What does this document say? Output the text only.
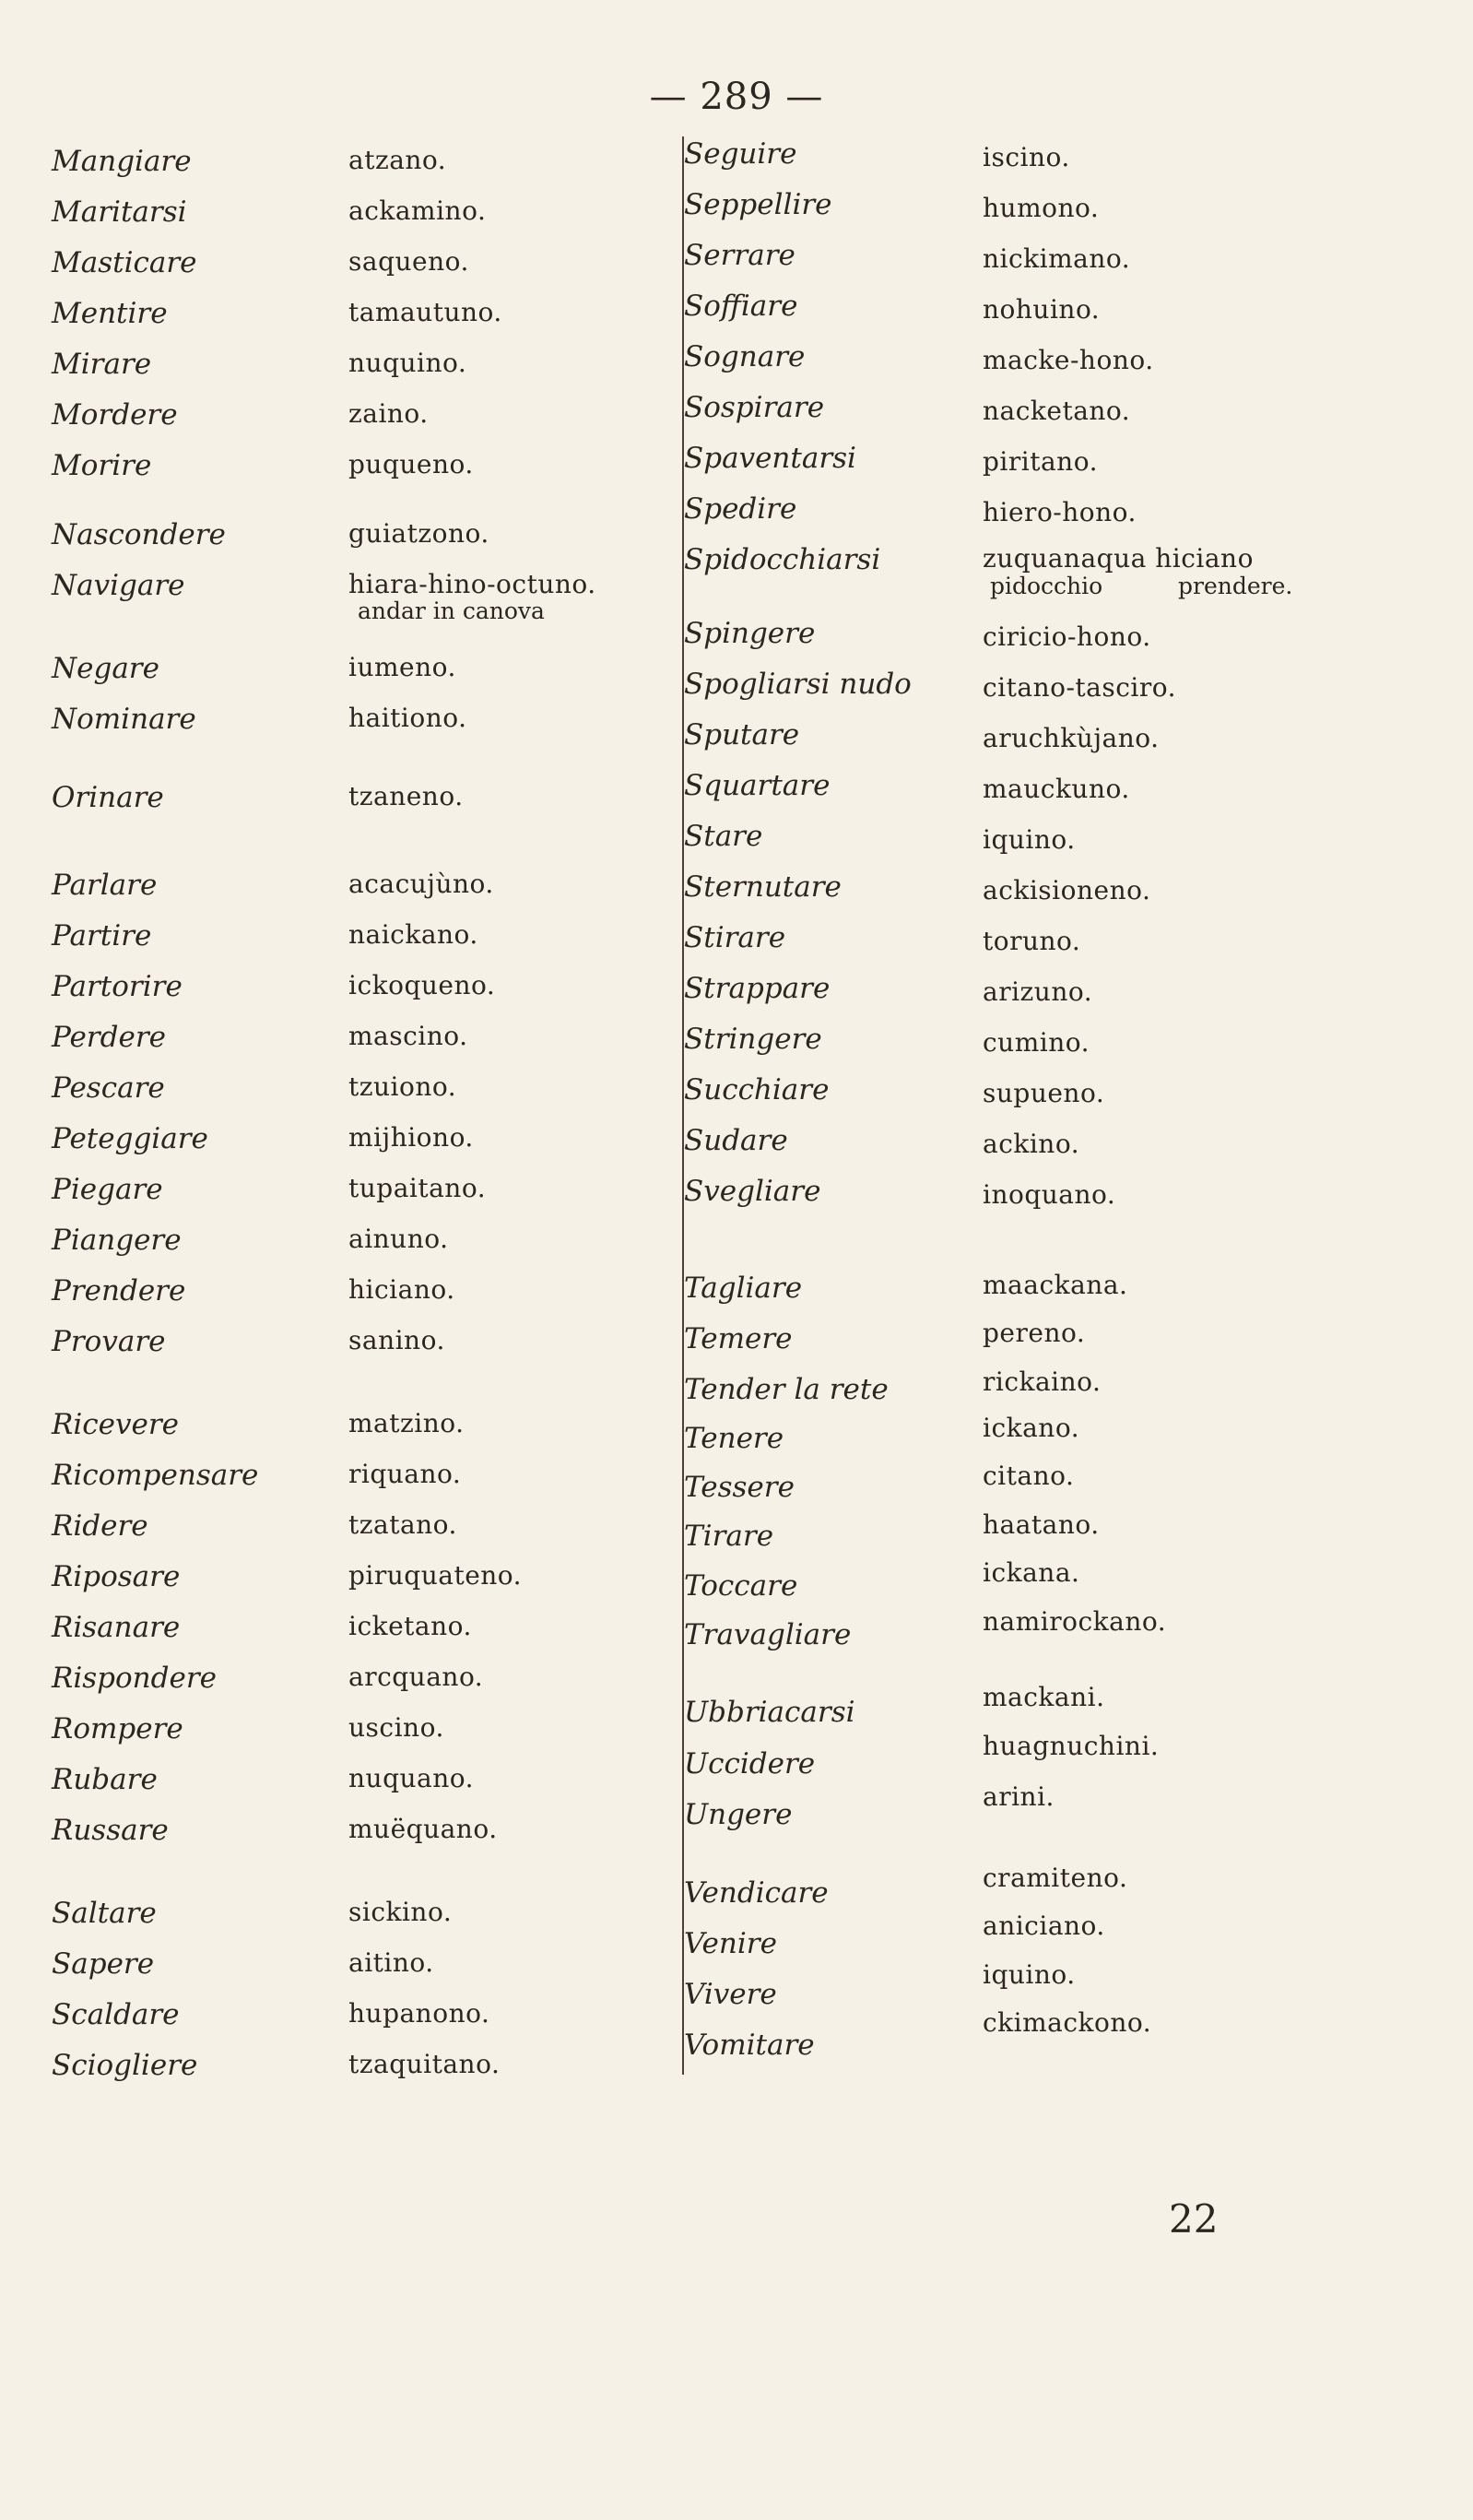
— 289 —
Mangiare
Maritarsi
Masticare
Mentire
Mirare
Mordere
Morire
Nascondere
Navigare
Negare
Nominare
Orinare
Parlare
Partire
Partorire
Perdere
Pescare
Peteggiare
Piegare
Piangere
Prendere
Provare
Ricevere
Ricompensare
Ridere
Riposare
Risanare
Rispondere
Rompere
Rubare
Russare
Saltare
Sapere
Scaldare
Sciogliere
atzano.
ackamino.
saqueno.
tamautuno.
nuquino.
zaino.
puqueno.
guiatzono.
hiara-hino-octuno.
iumeno.
haitiono.
tzaneno.
acacujùno.
naickano.
ickoqueno.
mascino.
tzuiono.
mijhiono.
tupaitano.
ainuno.
hiciano.
sanino.
matzino.
riquano.
tzatano.
piruquateno.
icketano.
arcquano.
uscino.
nuquano.
muëquano.
sickino.
aitino.
hupanono.
tzaquitano.
Seguire
Seppellire
Serrare
Soffiare
Sognare
Sospirare
Spaventarsi
Spedire
Spidocchiarsi
Spingere
Spogliarsi nudo
Sputare
Squartare
Stare
Sternutare
Stirare
Strappare
Stringere
Succhiare
Sudare
Svegliare
Tagliare
Temere
Tender la rete
Tenere
Tessere
Tirare
Toccare
Travagliare
Ubbriacarsi
Uccidere
Ungere
Vendicare
Venire
Vivere
Vomitare
iscino.
humono.
nickimano.
nohuino.
macke-hono.
nacketano.
piritano.
hiero-hono.
zuquanaqua hiciano
ciricio-hono.
citano-tasciro.
aruchkùjano.
mauckuno.
iquino.
ackisioneno.
toruno.
arizuno.
cumino.
supueno.
ackino.
inoquano.
maackana.
pereno.
rickaino.
ickano.
citano.
haatano.
ickana.
namirockano.
mackani.
huagnuchini.
arini.
cramiteno.
aniciano.
iquino.
ckimackono.
andar in canova
pidocchio	prendere.
22
